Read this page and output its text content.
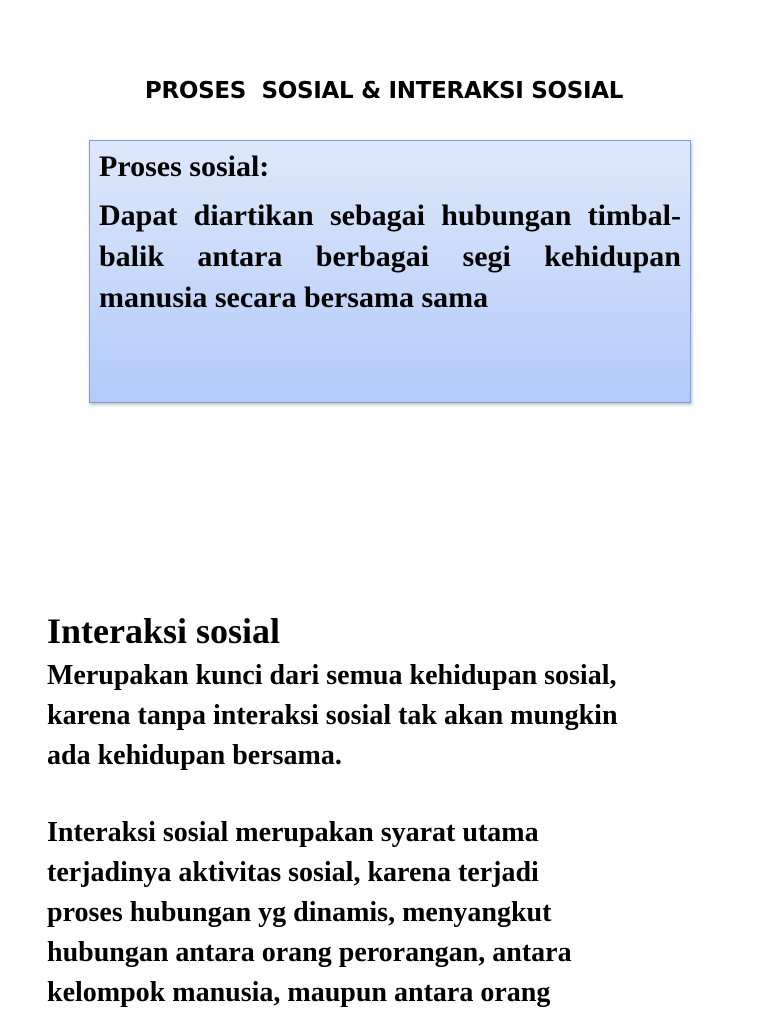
PROSES  SOSIAL & INTERAKSI SOSIAL

Proses sosial:

Dapat diartikan sebagai hubungan timbal-balik antara berbagai segi kehidupan manusia secara bersama sama

Interaksi sosial

Merupakan kunci dari semua kehidupan sosial,
karena tanpa interaksi sosial tak akan mungkin
ada kehidupan bersama.

Interaksi sosial merupakan syarat utama
terjadinya aktivitas sosial, karena terjadi
proses hubungan yg dinamis, menyangkut
hubungan antara orang perorangan, antara
kelompok manusia, maupun antara orang
